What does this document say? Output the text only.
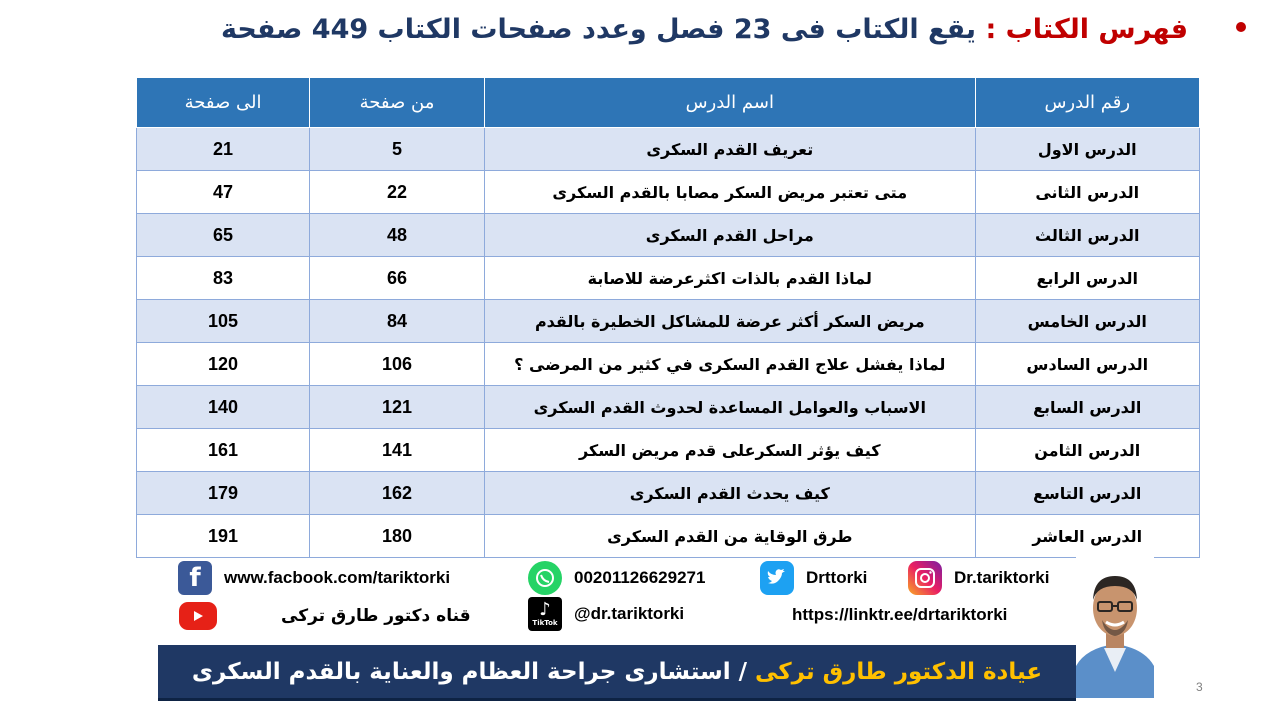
فهرس الكتاب : يقع الكتاب فى 23 فصل وعدد صفحات الكتاب 449 صفحة
رقم الدرس	اسم الدرس	من صفحة	الى صفحة
الدرس الاول	تعريف القدم السكرى	5	21
الدرس الثانى	متى تعتبر مريض السكر مصابا بالقدم السكرى	22	47
الدرس الثالث	مراحل القدم السكرى	48	65
الدرس الرابع	لماذا القدم بالذات اكثرعرضة للاصابة	66	83
الدرس الخامس	مريض السكر أكثر عرضة للمشاكل الخطيرة بالقدم	84	105
الدرس السادس	لماذا يفشل علاج القدم السكرى في كثير من المرضى ؟	106	120
الدرس السابع	الاسباب والعوامل المساعدة لحدوث القدم السكرى	121	140
الدرس الثامن	كيف يؤثر السكرعلى قدم مريض السكر	141	161
الدرس التاسع	كيف يحدث القدم السكرى	162	179
الدرس العاشر	طرق الوقاية من القدم السكرى	180	191
f	www.facbook.com/tariktorki	00201126629271	Drttorki	Dr.tariktorki
قناه دكتور طارق تركى	♪
TikTok @dr.tariktorki	https://linktr.ee/drtariktorki
عيادة الدكتور طارق تركى
/ استشارى جراحة العظام والعناية بالقدم السكرى
3
